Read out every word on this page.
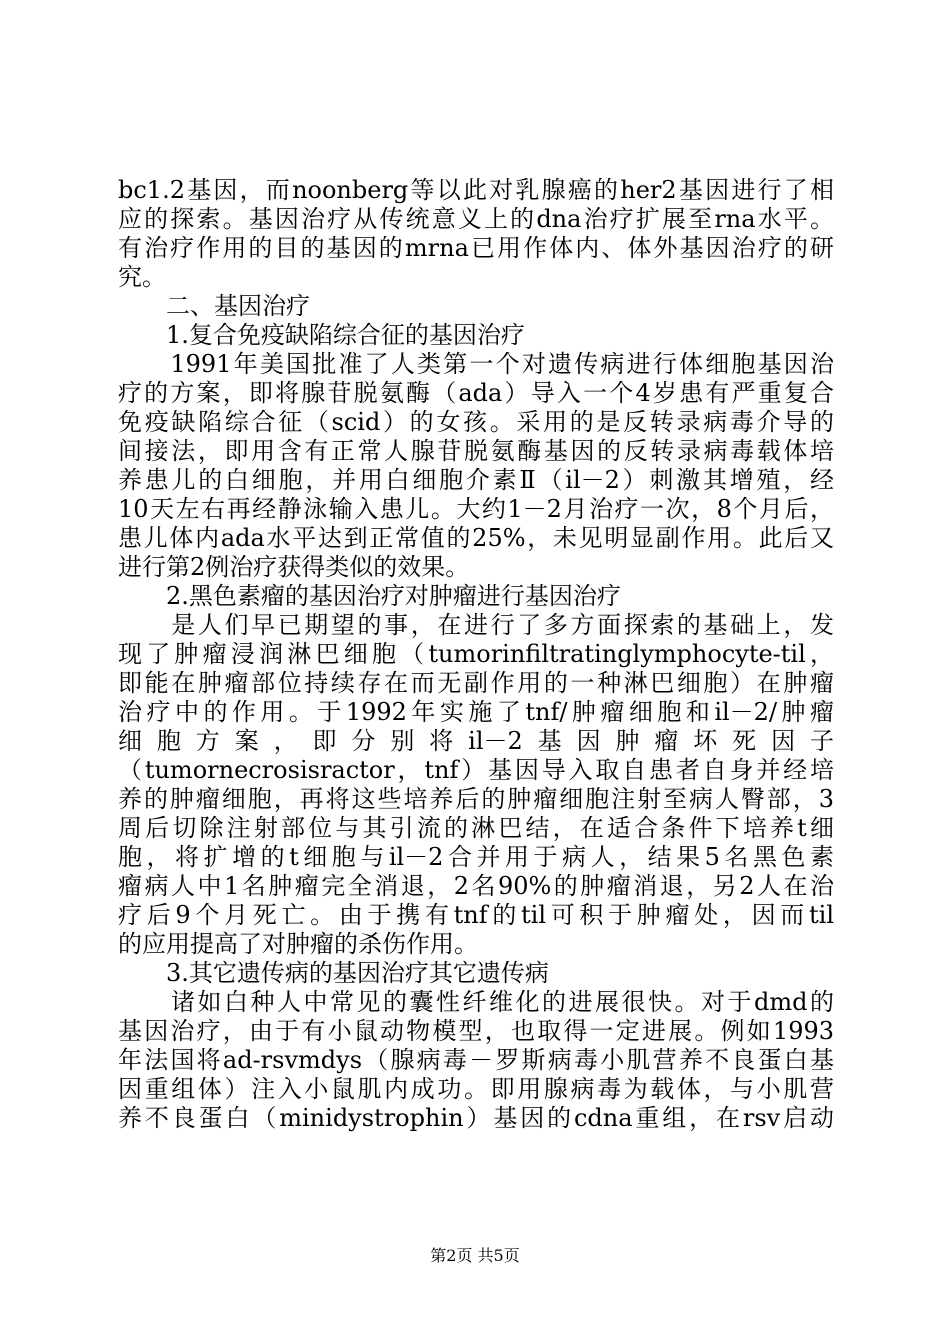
bc1.2基因，而noonberg等以此对乳腺癌的her2基因进行了相
应的探索。基因治疗从传统意义上的dna治疗扩展至rna水平。
有治疗作用的目的基因的mrna已用作体内、体外基因治疗的研
究。
　　二、基因治疗
　　1.复合免疫缺陷综合征的基因治疗
　　1991年美国批准了人类第一个对遗传病进行体细胞基因治
疗的方案，即将腺苷脱氨酶（ada）导入一个4岁患有严重复合
免疫缺陷综合征（scid）的女孩。采用的是反转录病毒介导的
间接法，即用含有正常人腺苷脱氨酶基因的反转录病毒载体培
养患儿的白细胞，并用白细胞介素Ⅱ（il－2）刺激其增殖，经
10天左右再经静泳输入患儿。大约1－2月治疗一次，8个月后，
患儿体内ada水平达到正常值的25%，未见明显副作用。此后又
进行第2例治疗获得类似的效果。
　　2.黑色素瘤的基因治疗对肿瘤进行基因治疗
　　是人们早已期望的事，在进行了多方面探索的基础上，发
现了肿瘤浸润淋巴细胞（tumorinfiltratinglymphocyte-til，
即能在肿瘤部位持续存在而无副作用的一种淋巴细胞）在肿瘤
治疗中的作用。于1992年实施了tnf/肿瘤细胞和il－2/肿瘤
细胞方案，即分别将il－2基因肿瘤坏死因子
（tumornecrosisractor，tnf）基因导入取自患者自身并经培
养的肿瘤细胞，再将这些培养后的肿瘤细胞注射至病人臀部，3
周后切除注射部位与其引流的淋巴结，在适合条件下培养t细
胞，将扩增的t细胞与il－2合并用于病人，结果5名黑色素
瘤病人中1名肿瘤完全消退，2名90%的肿瘤消退，另2人在治
疗后9个月死亡。由于携有tnf的til可积于肿瘤处，因而til
的应用提高了对肿瘤的杀伤作用。
　　3.其它遗传病的基因治疗其它遗传病
　　诸如白种人中常见的囊性纤维化的进展很快。对于dmd的
基因治疗，由于有小鼠动物模型，也取得一定进展。例如1993
年法国将ad-rsvmdys（腺病毒－罗斯病毒小肌营养不良蛋白基
因重组体）注入小鼠肌内成功。即用腺病毒为载体，与小肌营
养不良蛋白（minidystrophin）基因的cdna重组，在rsv启动
第2页 共5页
